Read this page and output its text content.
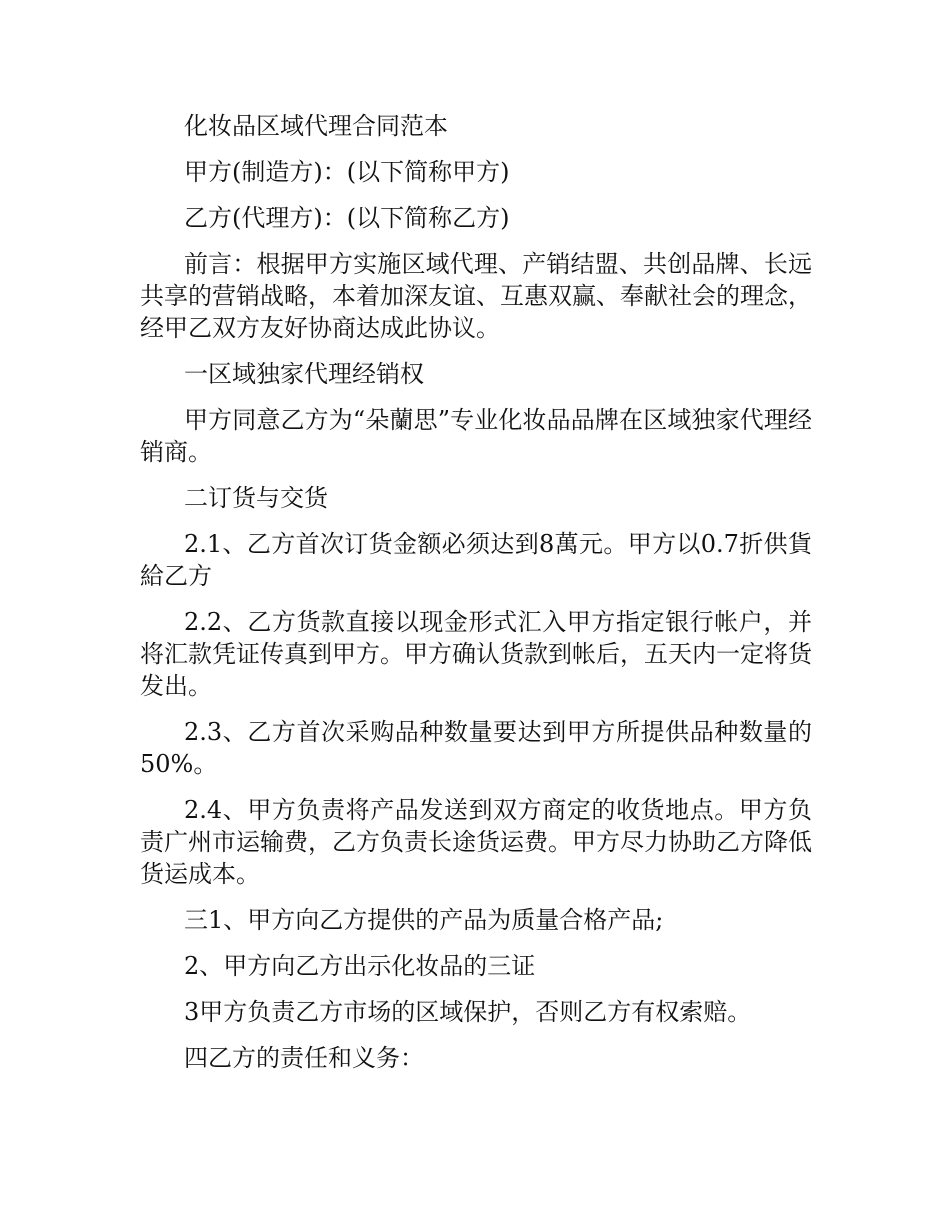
化妆品区域代理合同范本

甲方(制造方)：(以下简称甲方)

乙方(代理方)：(以下简称乙方)

前言：根据甲方实施区域代理、产销结盟、共创品牌、长远共享的营销战略，本着加深友谊、互惠双赢、奉献社会的理念，经甲乙双方友好协商达成此协议。

一区域独家代理经销权

甲方同意乙方为“朵蘭思”专业化妆品品牌在区域独家代理经销商。

二订货与交货

2.1、乙方首次订货金额必须达到8萬元。甲方以0.7折供貨給乙方

2.2、乙方货款直接以现金形式汇入甲方指定银行帐户，并将汇款凭证传真到甲方。甲方确认货款到帐后，五天内一定将货发出。

2.3、乙方首次采购品种数量要达到甲方所提供品种数量的50%。

2.4、甲方负责将产品发送到双方商定的收货地点。甲方负责广州市运输费，乙方负责长途货运费。甲方尽力协助乙方降低货运成本。

三1、甲方向乙方提供的产品为质量合格产品;

2、甲方向乙方出示化妆品的三证

3甲方负责乙方市场的区域保护，否则乙方有权索赔。

四乙方的责任和义务：
